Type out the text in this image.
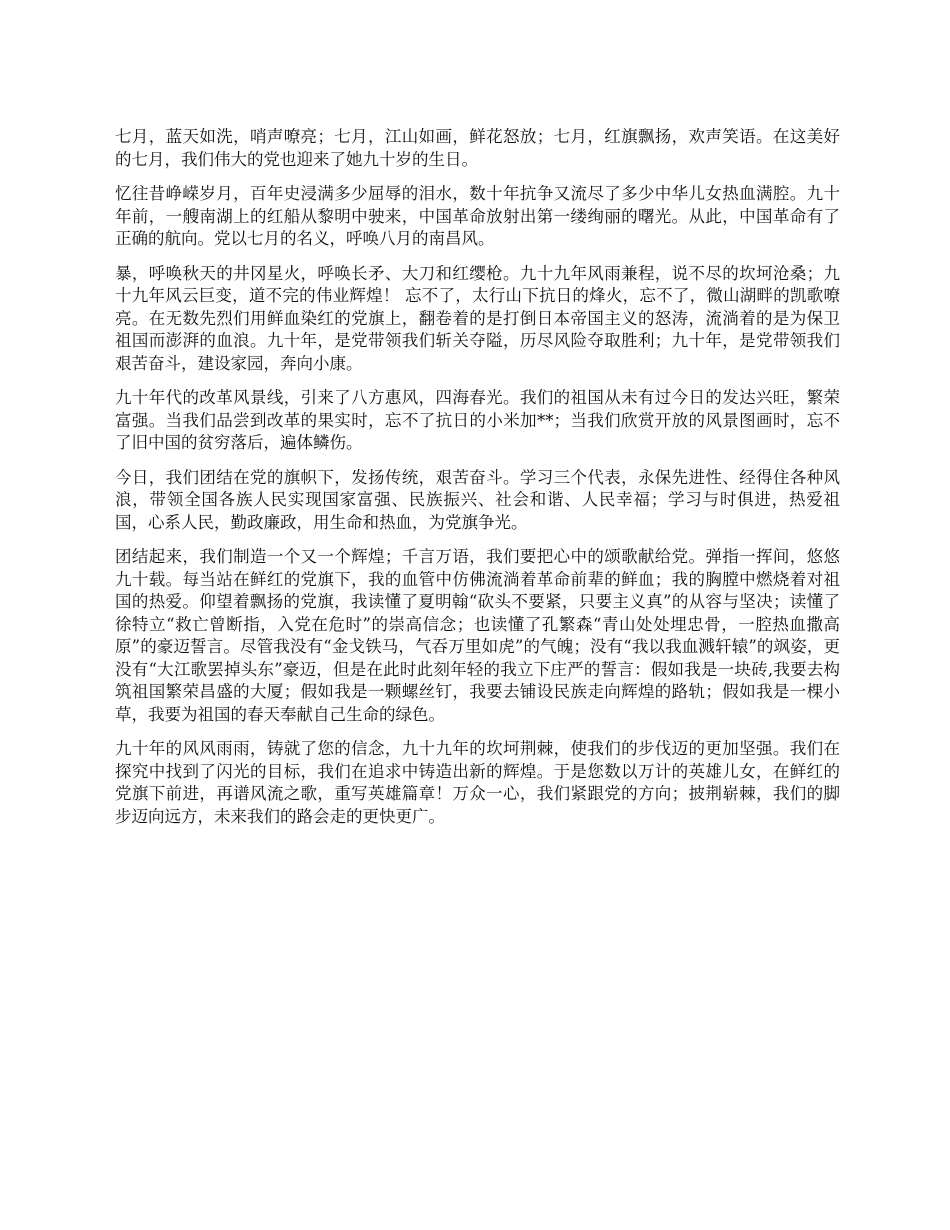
七月，蓝天如洗，哨声嘹亮；七月，江山如画，鲜花怒放；七月，红旗飘扬，欢声笑语。在这美好的七月，我们伟大的党也迎来了她九十岁的生日。

忆往昔峥嵘岁月，百年史浸满多少屈辱的泪水，数十年抗争又流尽了多少中华儿女热血满腔。九十年前，一艘南湖上的红船从黎明中驶来，中国革命放射出第一缕绚丽的曙光。从此，中国革命有了正确的航向。党以七月的名义，呼唤八月的南昌风。

暴，呼唤秋天的井冈星火，呼唤长矛、大刀和红缨枪。九十九年风雨兼程，说不尽的坎坷沧桑；九十九年风云巨变，道不完的伟业辉煌！ 忘不了，太行山下抗日的烽火，忘不了，微山湖畔的凯歌嘹亮。在无数先烈们用鲜血染红的党旗上，翻卷着的是打倒日本帝国主义的怒涛，流淌着的是为保卫祖国而澎湃的血浪。九十年，是党带领我们斩关夺隘，历尽风险夺取胜利；九十年，是党带领我们艰苦奋斗，建设家园，奔向小康。

九十年代的改革风景线，引来了八方惠风，四海春光。我们的祖国从未有过今日的发达兴旺，繁荣富强。当我们品尝到改革的果实时，忘不了抗日的小米加**；当我们欣赏开放的风景图画时，忘不了旧中国的贫穷落后，遍体鳞伤。

今日，我们团结在党的旗帜下，发扬传统，艰苦奋斗。学习三个代表，永保先进性、经得住各种风浪，带领全国各族人民实现国家富强、民族振兴、社会和谐、人民幸福；学习与时俱进，热爱祖国，心系人民，勤政廉政，用生命和热血，为党旗争光。

团结起来，我们制造一个又一个辉煌；千言万语，我们要把心中的颂歌献给党。弹指一挥间，悠悠九十载。每当站在鲜红的党旗下，我的血管中仿佛流淌着革命前辈的鲜血；我的胸膛中燃烧着对祖国的热爱。仰望着飘扬的党旗，我读懂了夏明翰“砍头不要紧，只要主义真”的从容与坚决；读懂了徐特立“救亡曾断指，入党在危时”的崇高信念；也读懂了孔繁森“青山处处埋忠骨，一腔热血撒高原”的豪迈誓言。尽管我没有“金戈铁马，气吞万里如虎”的气魄；没有“我以我血溅轩辕”的飒姿，更没有“大江歌罢掉头东”豪迈，但是在此时此刻年轻的我立下庄严的誓言：假如我是一块砖,我要去构筑祖国繁荣昌盛的大厦；假如我是一颗螺丝钉，我要去铺设民族走向辉煌的路轨；假如我是一棵小草，我要为祖国的春天奉献自己生命的绿色。

九十年的风风雨雨，铸就了您的信念，九十九年的坎坷荆棘，使我们的步伐迈的更加坚强。我们在探究中找到了闪光的目标，我们在追求中铸造出新的辉煌。于是您数以万计的英雄儿女，在鲜红的党旗下前进，再谱风流之歌，重写英雄篇章！万众一心，我们紧跟党的方向；披荆崭棘，我们的脚步迈向远方，未来我们的路会走的更快更广。
